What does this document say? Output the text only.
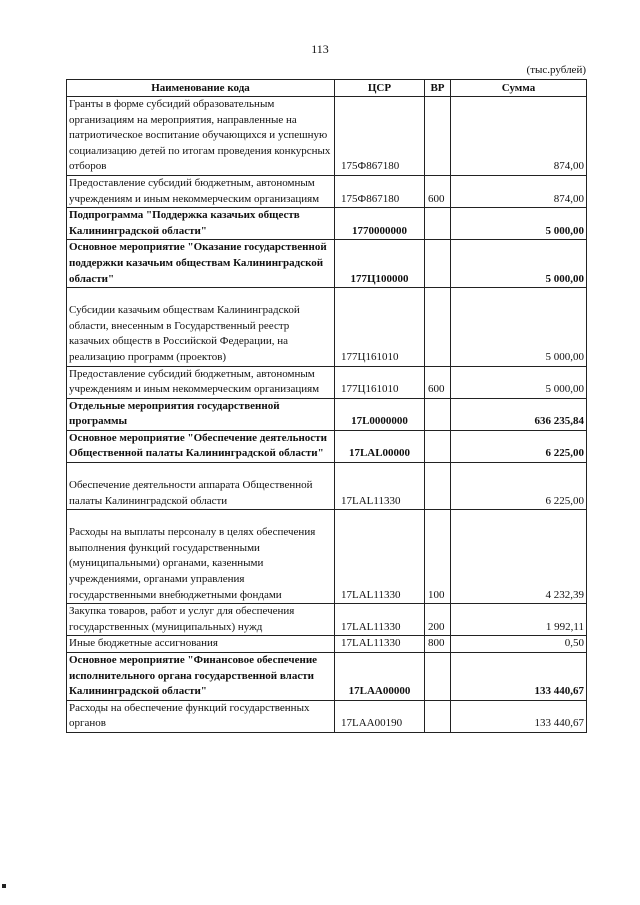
113
(тыс.рублей)
Наименование кода	ЦСР	ВР	Сумма
Гранты в форме субсидий образовательным организациям на мероприятия, направленные на патриотическое воспитание обучающихся и успешную социализацию детей по итогам проведения конкурсных отборов	175Ф867180		874,00
Предоставление субсидий бюджетным, автономным учреждениям и иным некоммерческим организациям	175Ф867180	600	874,00
Подпрограмма "Поддержка казачьих обществ Калининградской области"	1770000000		5 000,00
Основное мероприятие "Оказание государственной поддержки казачьим обществам Калининградской области"	177Ц100000		5 000,00
Субсидии казачьим обществам Калининградской области, внесенным в Государственный реестр казачьих обществ в Российской Федерации, на реализацию программ (проектов)	177Ц161010		5 000,00
Предоставление субсидий бюджетным, автономным учреждениям и иным некоммерческим организациям	177Ц161010	600	5 000,00
Отдельные мероприятия государственной программы	17L0000000		636 235,84
Основное мероприятие "Обеспечение деятельности Общественной палаты Калининградской области"	17LAL00000		6 225,00
Обеспечение деятельности аппарата Общественной палаты Калининградской области	17LAL11330		6 225,00
Расходы на выплаты персоналу в целях обеспечения выполнения функций государственными (муниципальными) органами, казенными учреждениями, органами управления государственными внебюджетными фондами	17LAL11330	100	4 232,39
Закупка товаров, работ и услуг для обеспечения государственных (муниципальных) нужд	17LAL11330	200	1 992,11
Иные бюджетные ассигнования	17LAL11330	800	0,50
Основное мероприятие "Финансовое обеспечение исполнительного органа государственной власти Калининградской области"	17LAA00000		133 440,67
Расходы на обеспечение функций государственных органов	17LAA00190		133 440,67
